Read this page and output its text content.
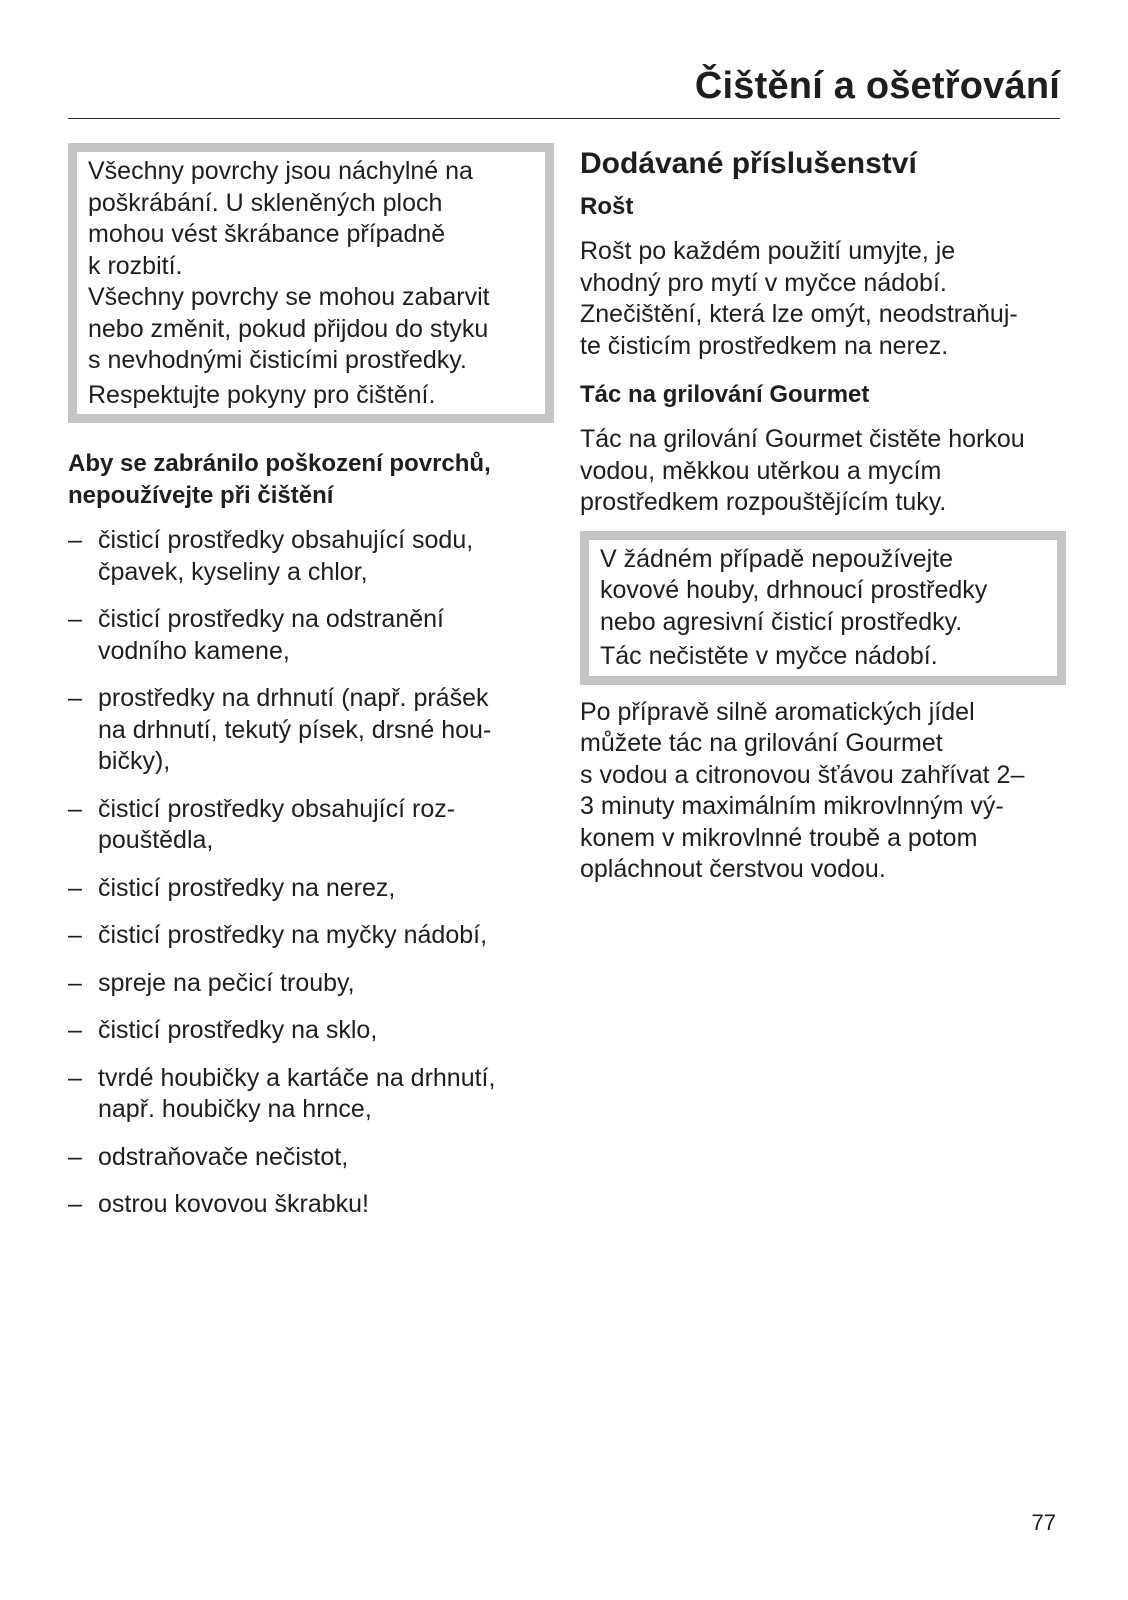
Čištění a ošetřování
Všechny povrchy jsou náchylné na
poškrábání. U skleněných ploch
mohou vést škrábance případně
k rozbití.
Všechny povrchy se mohou zabarvit
nebo změnit, pokud přijdou do styku
s nevhodnými čisticími prostředky.
Respektujte pokyny pro čištění.
Aby se zabránilo poškození povrchů,
nepoužívejte při čištění
– čisticí prostředky obsahující sodu,
čpavek, kyseliny a chlor,
– čisticí prostředky na odstranění
vodního kamene,
– prostředky na drhnutí (např. prášek
na drhnutí, tekutý písek, drsné hou-
bičky),
– čisticí prostředky obsahující roz-
pouštědla,
– čisticí prostředky na nerez,
– čisticí prostředky na myčky nádobí,
– spreje na pečicí trouby,
– čisticí prostředky na sklo,
– tvrdé houbičky a kartáče na drhnutí,
např. houbičky na hrnce,
– odstraňovače nečistot,
– ostrou kovovou škrabku!
Dodávané příslušenství
Rošt
Rošt po každém použití umyjte, je
vhodný pro mytí v myčce nádobí.
Znečištění, která lze omýt, neodstraňuj-
te čisticím prostředkem na nerez.
Tác na grilování Gourmet
Tác na grilování Gourmet čistěte horkou
vodou, měkkou utěrkou a mycím
prostředkem rozpouštějícím tuky.
V žádném případě nepoužívejte
kovové houby, drhnoucí prostředky
nebo agresivní čisticí prostředky.
Tác nečistěte v myčce nádobí.
Po přípravě silně aromatických jídel
můžete tác na grilování Gourmet
s vodou a citronovou šťávou zahřívat 2–
3 minuty maximálním mikrovlnným vý-
konem v mikrovlnné troubě a potom
opláchnout čerstvou vodou.
77
